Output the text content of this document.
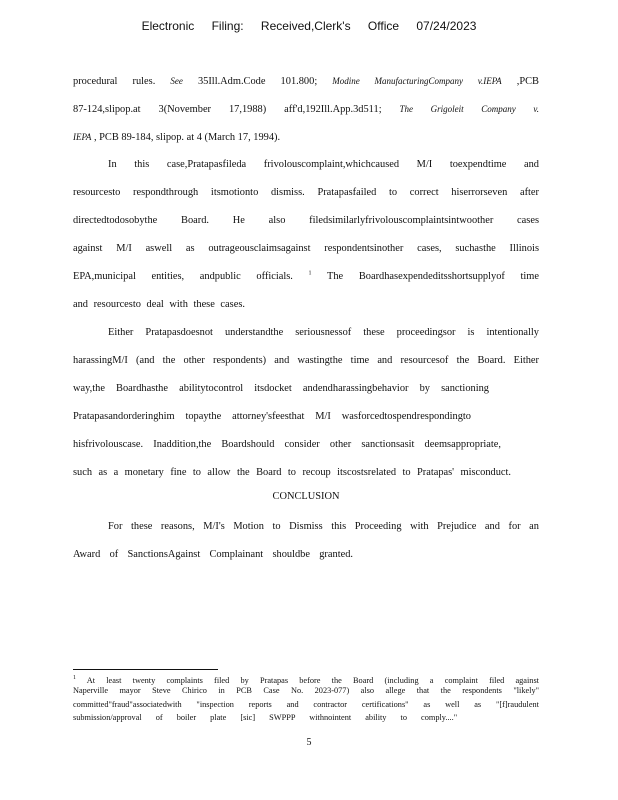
Electronic Filing: Received,Clerk's Office 07/24/2023
procedural rules. See 35Ill.Adm.Code 101.800; Modine ManufacturingCompany v.IEPA ,PCB
87-124,slipop.at 3(November 17,1988) aff'd,192Ill.App.3d511; The Grigoleit Company v.
IEPA , PCB 89-184, slipop. at 4 (March 17, 1994).
In this case,Pratapasfileda frivolouscomplaint,whichcaused M/I toexpendtime and
resourcesto respondthrough itsmotionto dismiss. Pratapasfailed to correct hiserrorseven after
directedtodosobythe Board. He also filedsimilarlyfrivolouscomplaintsintwoother cases
against M/I aswell as outrageousclaimsagainst respondentsinother cases, suchasthe Illinois
EPA,municipal entities, andpublic officials.	$^1$ The Boardhasexpendeditsshortsupplyof time
and resourcesto deal with these cases.
Either Pratapasdoesnot understandthe seriousnessof these proceedingsor is intentionally
harassingM/I (and the other respondents) and wastingthe time and resourcesof the Board. Either
way,the Boardhasthe abilitytocontrol itsdocket andendharassingbehavior by sanctioning
Pratapasandorderinghim topaythe attorney'sfeesthat M/I wasforcedtospendrespondingto
hisfrivolouscase. Inaddition,the Boardshould consider other sanctionsasit deemsappropriate,
such as a monetary fine to allow the Board to recoup itscostsrelated to Pratapas' misconduct.
CONCLUSION
For these reasons, M/I's Motion to Dismiss this Proceeding with Prejudice and for an
Award of SanctionsAgainst Complainant shouldbe granted.
$^1$ At least twenty complaints filed by Pratapas before the Board (including a complaint filed against
Naperville mayor Steve Chirico in PCB Case No. 2023-077) also allege that the respondents "likely"
committed"fraud"associatedwith "inspection reports and contractor certifications" as well as "[f]raudulent
submission/approval of boiler plate [sic] SWPPP withnointent ability to comply...."
5
